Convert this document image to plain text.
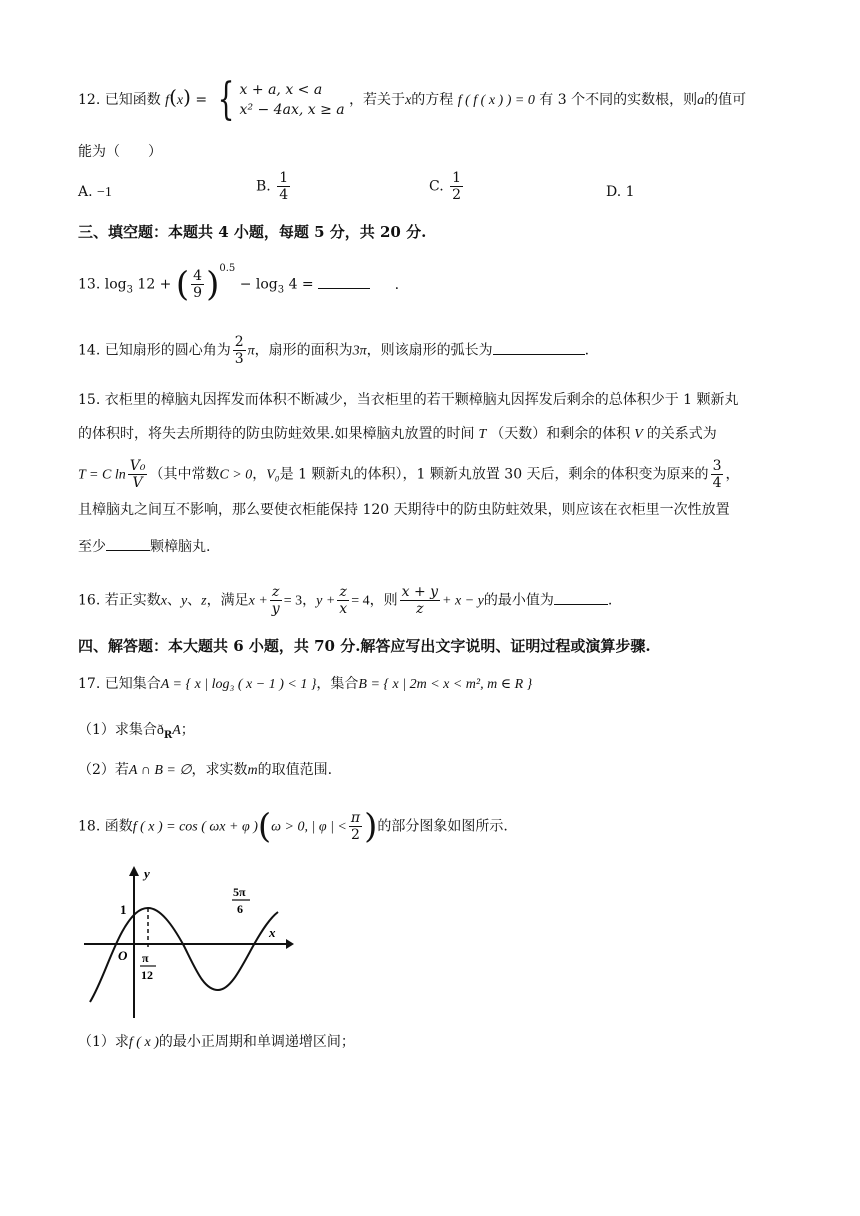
12. 已知函数 f(x) = { x + a, x < a
x² − 4ax, x ≥ a ，若关于x的方程 f ( f ( x ) ) = 0 有 3 个不同的实数根，则a的值可
能为（　　）
A. −1	B. $\frac{1}{4}$	C. $\frac{1}{2}$	D. 1
三、填空题：本题共 4 小题，每题 5 分，共 20 分.
13. $\log_3 12$ + ( $\frac{4}{9} )^{0.5} - \log_3 4$ =	.
14. 已知扇形的圆心角为 $\frac{2}{3}$ π，扇形的面积为3π，则该扇形的弧长为	.
15. 衣柜里的樟脑丸因挥发而体积不断减少，当衣柜里的若干颗樟脑丸因挥发后剩余的总体积少于 1 颗新丸
的体积时，将失去所期待的防虫防蛀效果.如果樟脑丸放置的时间 T （天数）和剩余的体积 V 的关系式为
T = C $\ln \frac{\text{V₀}}{V}$ （其中常数C > 0，V₀是 1 颗新丸的体积），1 颗新丸放置 30 天后，剩余的体积变为原来的 $\frac{3}{4}$ ，
且樟脑丸之间互不影响，那么要使衣柜能保持 120 天期待中的防虫防蛀效果，则应该在衣柜里一次性放置
至少	颗樟脑丸.
16. 若正实数x、y、z，满足$x + \frac{z}{y} = 3$，$y + \frac{z}{x} = 4$，则 $\frac{x + y}{z} + x - y$的最小值为	.
四、解答题：本大题共 6 小题，共 70 分.解答应写出文字说明、证明过程或演算步骤.
17. 已知集合A = { x | log₃ ( x − 1 ) < 1 }，集合B = { x | 2m < x < m², m ∈ R }
（1）求集合$ð_RA$；
（2）若A ∩ B = ∅，求实数m的取值范围.
18. 函数f ( x ) = cos ( ωx + φ )(ω > 0, | φ | < $\frac{\pi}{2}$ )的部分图象如图所示.
y
x
O
1
π
12
5π
6
（1）求f ( x )的最小正周期和单调递增区间；
